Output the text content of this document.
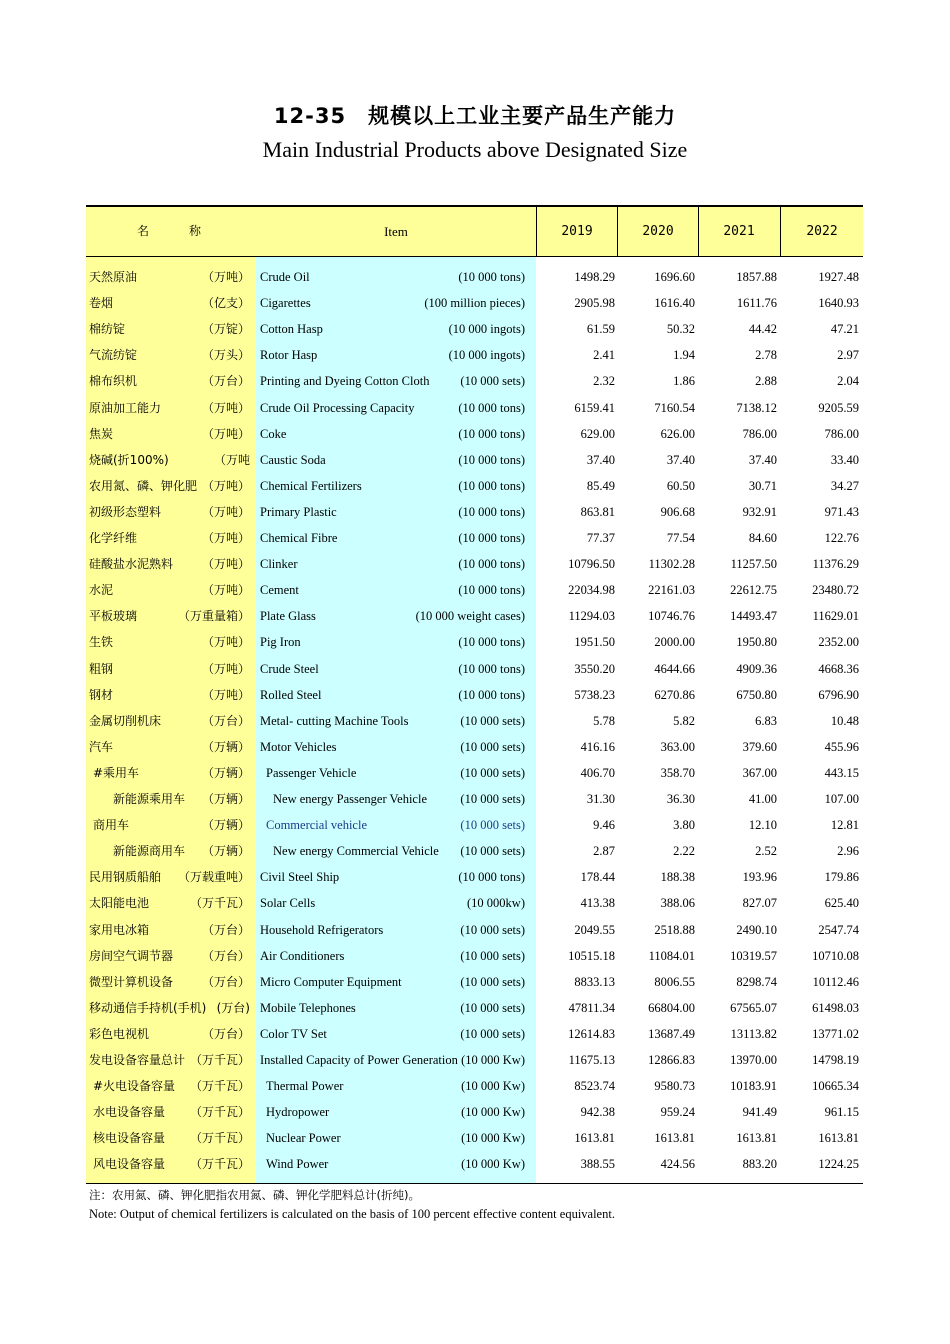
12-35 规模以上工业主要产品生产能力
Main Industrial Products above Designated Size
名称	Item	2019	2020	2021	2022
天然原油	（万吨） Crude Oil	(10 000 tons)	1498.29	1696.60	1857.88	1927.48
卷烟	（亿支） Cigarettes	(100 million pieces)	2905.98	1616.40	1611.76	1640.93
棉纺锭	（万锭） Cotton Hasp	(10 000 ingots)	61.59	50.32	44.42	47.21
气流纺锭	（万头） Rotor Hasp	(10 000 ingots)	2.41	1.94	2.78	2.97
棉布织机	（万台） Printing and Dyeing Cotton Cloth (10 000 sets)	2.32	1.86	2.88	2.04
原油加工能力	（万吨） Crude Oil Processing Capacity	(10 000 tons)	6159.41	7160.54	7138.12	9205.59
焦炭	（万吨） Coke	(10 000 tons)	629.00	626.00	786.00	786.00
烧碱(折100%)	（万吨 Caustic Soda	(10 000 tons)	37.40	37.40	37.40	33.40
农用氮、磷、钾化肥 （万吨） Chemical Fertilizers	(10 000 tons)	85.49	60.50	30.71	34.27
初级形态塑料	（万吨） Primary Plastic	(10 000 tons)	863.81	906.68	932.91	971.43
化学纤维	（万吨） Chemical Fibre	(10 000 tons)	77.37	77.54	84.60	122.76
硅酸盐水泥熟料 （万吨） Clinker	(10 000 tons)	10796.50	11302.28	11257.50	11376.29
水泥	（万吨） Cement	(10 000 tons)	22034.98	22161.03	22612.75	23480.72
平板玻璃	（万重量箱） Plate Glass	(10 000 weight cases)	11294.03	10746.76	14493.47	11629.01
生铁	（万吨） Pig Iron	(10 000 tons)	1951.50	2000.00	1950.80	2352.00
粗钢	（万吨） Crude Steel	(10 000 tons)	3550.20	4644.66	4909.36	4668.36
钢材	（万吨） Rolled Steel	(10 000 tons)	5738.23	6270.86	6750.80	6796.90
金属切削机床	（万台） Metal- cutting Machine Tools	(10 000 sets)	5.78	5.82	6.83	10.48
汽车	（万辆） Motor Vehicles	(10 000 sets)	416.16	363.00	379.60	455.96
#乘用车	（万辆） Passenger Vehicle	(10 000 sets)	406.70	358.70	367.00	443.15
新能源乘用车 （万辆） New energy Passenger Vehicle	(10 000 sets)	31.30	36.30	41.00	107.00
商用车	（万辆） Commercial vehicle	(10 000 sets)	9.46	3.80	12.10	12.81
新能源商用车 （万辆） New energy Commercial Vehicle (10 000 sets)	2.87	2.22	2.52	2.96
民用钢质船舶 （万载重吨） Civil Steel Ship	(10 000 tons)	178.44	188.38	193.96	179.86
太阳能电池	（万千瓦） Solar Cells	(10 000kw)	413.38	388.06	827.07	625.40
家用电冰箱	（万台） Household Refrigerators	(10 000 sets)	2049.55	2518.88	2490.10	2547.74
房间空气调节器 （万台） Air Conditioners	(10 000 sets)	10515.18	11084.01	10319.57	10710.08
微型计算机设备 （万台） Micro Computer Equipment	(10 000 sets)	8833.13	8006.55	8298.74	10112.46
移动通信手持机(手机) (万台) Mobile Telephones	(10 000 sets)	47811.34	66804.00	67565.07	61498.03
彩色电视机	（万台） Color TV Set	(10 000 sets)	12614.83	13687.49	13113.82	13771.02
发电设备容量总计 （万千瓦） Installed Capacity of Power Generation (10 000 Kw)	11675.13	12866.83	13970.00	14798.19
#火电设备容量 （万千瓦） Thermal Power	(10 000 Kw)	8523.74	9580.73	10183.91	10665.34
水电设备容量 （万千瓦） Hydropower	(10 000 Kw)	942.38	959.24	941.49	961.15
核电设备容量 （万千瓦） Nuclear Power	(10 000 Kw)	1613.81	1613.81	1613.81	1613.81
风电设备容量 （万千瓦） Wind Power	(10 000 Kw)	388.55	424.56	883.20	1224.25
注：农用氮、磷、钾化肥指农用氮、磷、钾化学肥料总计(折纯)。
Note: Output of chemical fertilizers is calculated on the basis of 100 percent effective content equivalent.
